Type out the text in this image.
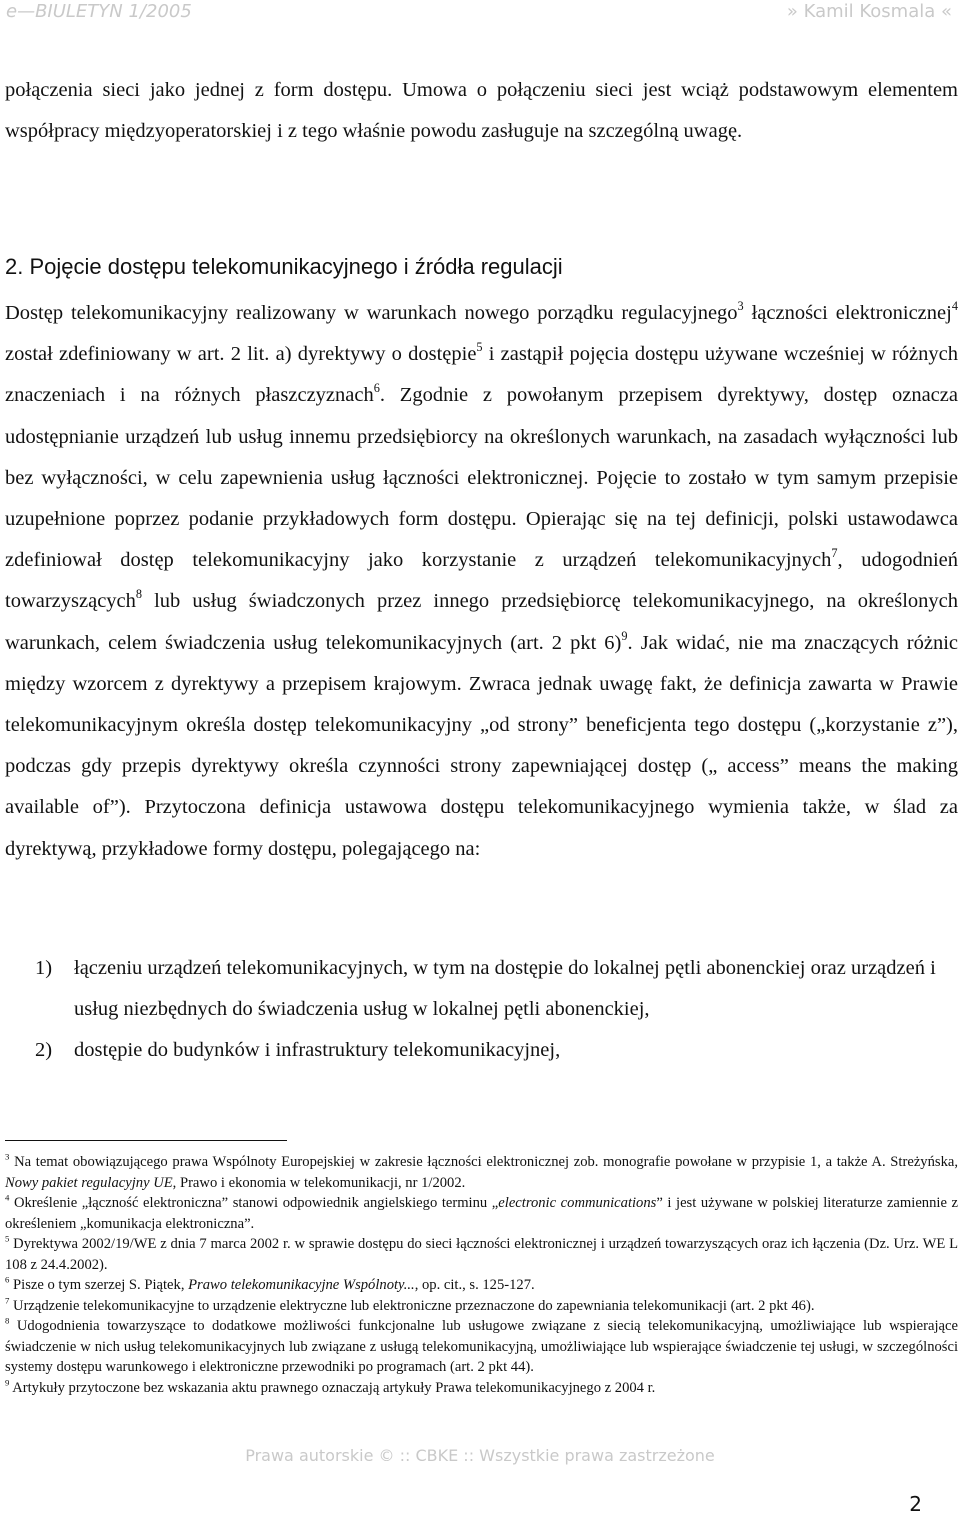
e—BIULETYN 1/2005	» Kamil Kosmala «

połączenia sieci jako jednej z form dostępu. Umowa o połączeniu sieci jest wciąż podstawowym elementem współpracy międzyoperatorskiej i z tego właśnie powodu zasługuje na szczególną uwagę.

2. Pojęcie dostępu telekomunikacyjnego i źródła regulacji
Dostęp telekomunikacyjny realizowany w warunkach nowego porządku regulacyjnego$^3$ łączności elektronicznej$^4$ został zdefiniowany w art. 2 lit. a) dyrektywy o dostępie$^5$ i zastąpił pojęcia dostępu używane wcześniej w różnych znaczeniach i na różnych płaszczyznach$^6$. Zgodnie z powołanym przepisem dyrektywy, dostęp oznacza udostępnianie urządzeń lub usług innemu przedsiębiorcy na określonych warunkach, na zasadach wyłączności lub bez wyłączności, w celu zapewnienia usług łączności elektronicznej. Pojęcie to zostało w tym samym przepisie uzupełnione poprzez podanie przykładowych form dostępu. Opierając się na tej definicji, polski ustawodawca zdefiniował dostęp telekomunikacyjny jako korzystanie z urządzeń telekomunikacyjnych$^7$, udogodnień towarzyszących$^8$ lub usług świadczonych przez innego przedsiębiorcę telekomunikacyjnego, na określonych warunkach, celem świadczenia usług telekomunikacyjnych (art. 2 pkt 6)$^9$. Jak widać, nie ma znaczących różnic między wzorcem z dyrektywy a przepisem krajowym. Zwraca jednak uwagę fakt, że definicja zawarta w Prawie telekomunikacyjnym określa dostęp telekomunikacyjny „od strony” beneficjenta tego dostępu („korzystanie z”), podczas gdy przepis dyrektywy określa czynności strony zapewniającej dostęp („ access” means the making available of”). Przytoczona definicja ustawowa dostępu telekomunikacyjnego wymienia także, w ślad za dyrektywą, przykładowe formy dostępu, polegającego na:
1) łączeniu urządzeń telekomunikacyjnych, w tym na dostępie do lokalnej pętli abonenckiej oraz urządzeń i usług niezbędnych do świadczenia usług w lokalnej pętli abonenckiej,
2) dostępie do budynków i infrastruktury telekomunikacyjnej,

$^3$ Na temat obowiązującego prawa Wspólnoty Europejskiej w zakresie łączności elektronicznej zob. monografie powołane w przypisie 1, a także A. Streżyńska, Nowy pakiet regulacyjny UE, Prawo i ekonomia w telekomunikacji, nr 1/2002.

$^4$ Określenie „łączność elektroniczna” stanowi odpowiednik angielskiego terminu „electronic communications” i jest używane w polskiej literaturze zamiennie z określeniem „komunikacja elektroniczna”.

$^5$ Dyrektywa 2002/19/WE z dnia 7 marca 2002 r. w sprawie dostępu do sieci łączności elektronicznej i urządzeń towarzyszących oraz ich łączenia (Dz. Urz. WE L 108 z 24.4.2002).

$^6$ Pisze o tym szerzej S. Piątek, Prawo telekomunikacyjne Wspólnoty..., op. cit., s. 125-127.

$^7$ Urządzenie telekomunikacyjne to urządzenie elektryczne lub elektroniczne przeznaczone do zapewniania telekomunikacji (art. 2 pkt 46).

$^8$ Udogodnienia towarzyszące to dodatkowe możliwości funkcjonalne lub usługowe związane z siecią telekomunikacyjną, umożliwiające lub wspierające świadczenie w nich usług telekomunikacyjnych lub związane z usługą telekomunikacyjną, umożliwiające lub wspierające świadczenie tej usługi, w szczególności systemy dostępu warunkowego i elektroniczne przewodniki po programach (art. 2 pkt 44).

$^9$ Artykuły przytoczone bez wskazania aktu prawnego oznaczają artykuły Prawa telekomunikacyjnego z 2004 r.

Prawa autorskie © :: CBKE :: Wszystkie prawa zastrzeżone
2
